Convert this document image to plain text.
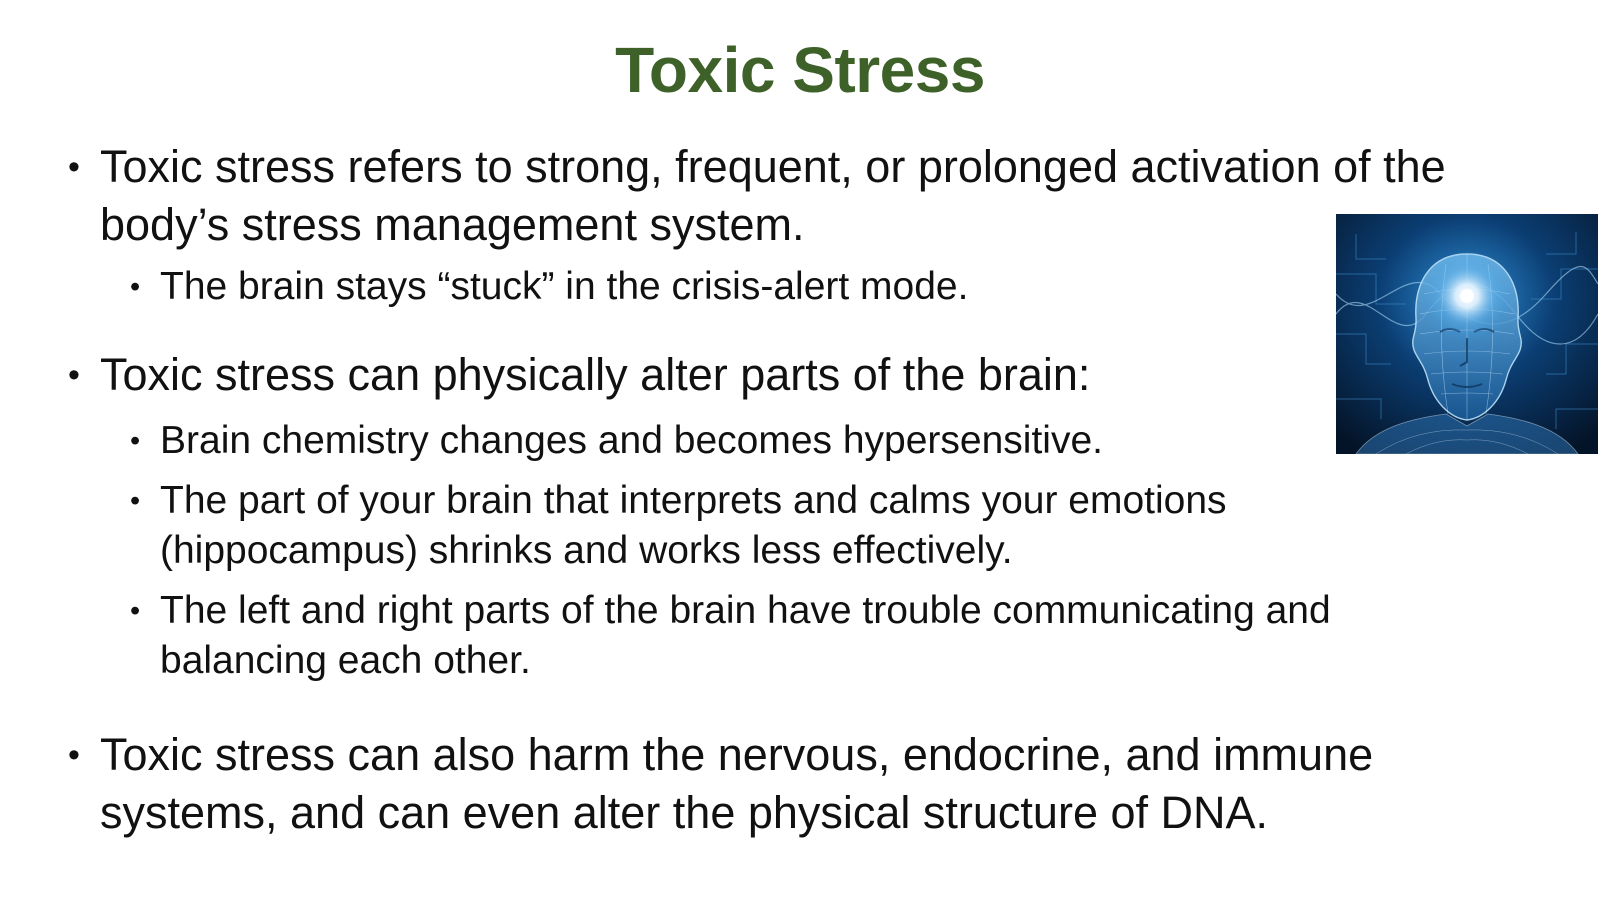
Toxic Stress
• Toxic stress refers to strong, frequent, or prolonged activation of the body’s stress management system.
• The brain stays “stuck” in the crisis-alert mode.
• Toxic stress can physically alter parts of the brain:
• Brain chemistry changes and becomes hypersensitive.
• The part of your brain that interprets and calms your emotions (hippocampus) shrinks and works less effectively.
• The left and right parts of the brain have trouble communicating and balancing each other.
• Toxic stress can also harm the nervous, endocrine, and immune systems, and can even alter the physical structure of DNA.
